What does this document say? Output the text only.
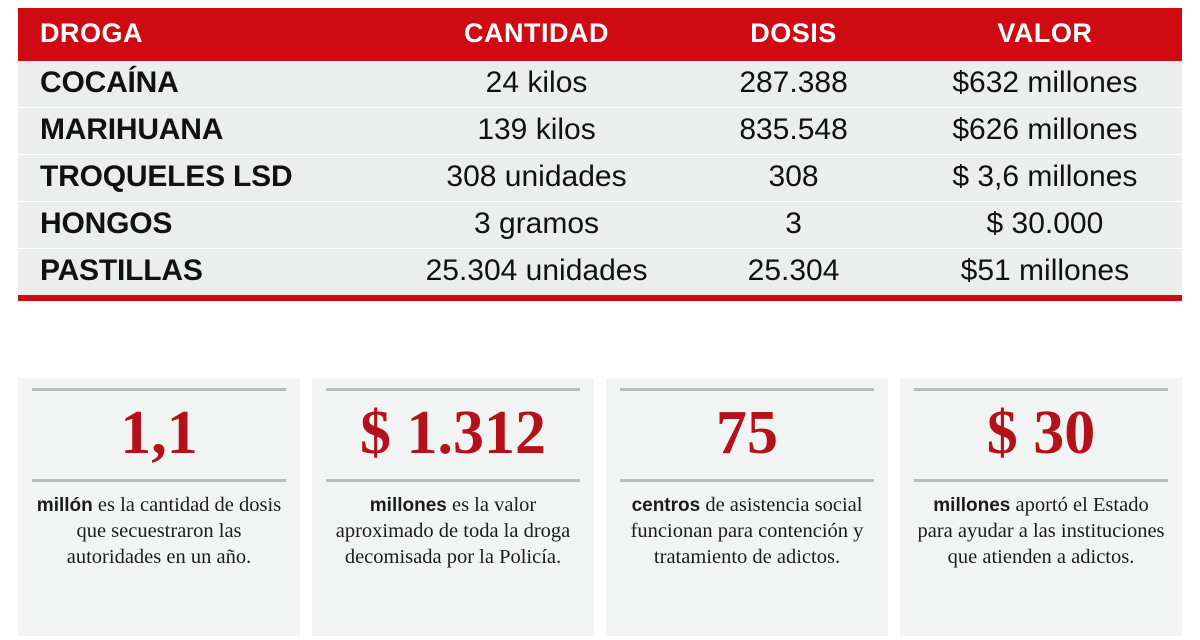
DROGA	CANTIDAD	DOSIS	VALOR
COCAÍNA	24 kilos	287.388	$632 millones
MARIHUANA	139 kilos	835.548	$626 millones
TROQUELES LSD	308 unidades	308	$ 3,6 millones
HONGOS	3 gramos	3	$ 30.000
PASTILLAS	25.304 unidades	25.304	$51 millones
1,1
millón es la cantidad de dosis que secuestraron las autoridades en un año.
$ 1.312
millones es la valor aproximado de toda la droga decomisada por la Policía.
75
centros de asistencia social funcionan para contención y tratamiento de adictos.
$ 30
millones aportó el Estado para ayudar a las instituciones que atienden a adictos.
